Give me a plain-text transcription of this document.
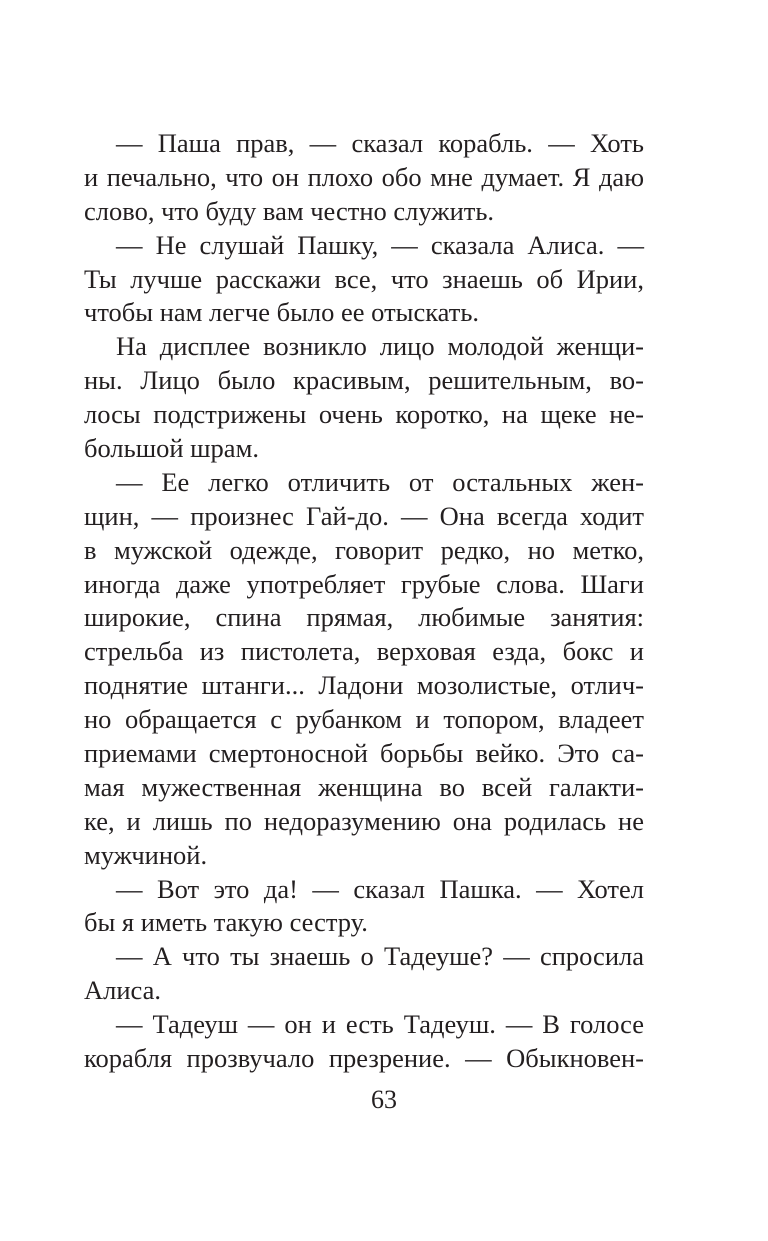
— Паша прав, — сказал корабль. — Хоть
и печально, что он плохо обо мне думает. Я даю
слово, что буду вам честно служить.
— Не слушай Пашку, — сказала Алиса. —
Ты лучше расскажи все, что знаешь об Ирии,
чтобы нам легче было ее отыскать.
На дисплее возникло лицо молодой женщи-
ны. Лицо было красивым, решительным, во-
лосы подстрижены очень коротко, на щеке не-
большой шрам.
— Ее легко отличить от остальных жен-
щин, — произнес Гай-до. — Она всегда ходит
в мужской одежде, говорит редко, но метко,
иногда даже употребляет грубые слова. Шаги
широкие, спина прямая, любимые занятия:
стрельба из пистолета, верховая езда, бокс и
поднятие штанги... Ладони мозолистые, отлич-
но обращается с рубанком и топором, владеет
приемами смертоносной борьбы вейко. Это са-
мая мужественная женщина во всей галакти-
ке, и лишь по недоразумению она родилась не
мужчиной.
— Вот это да! — сказал Пашка. — Хотел
бы я иметь такую сестру.
— А что ты знаешь о Тадеуше? — спросила
Алиса.
— Тадеуш — он и есть Тадеуш. — В голосе
корабля прозвучало презрение. — Обыкновен-
63
